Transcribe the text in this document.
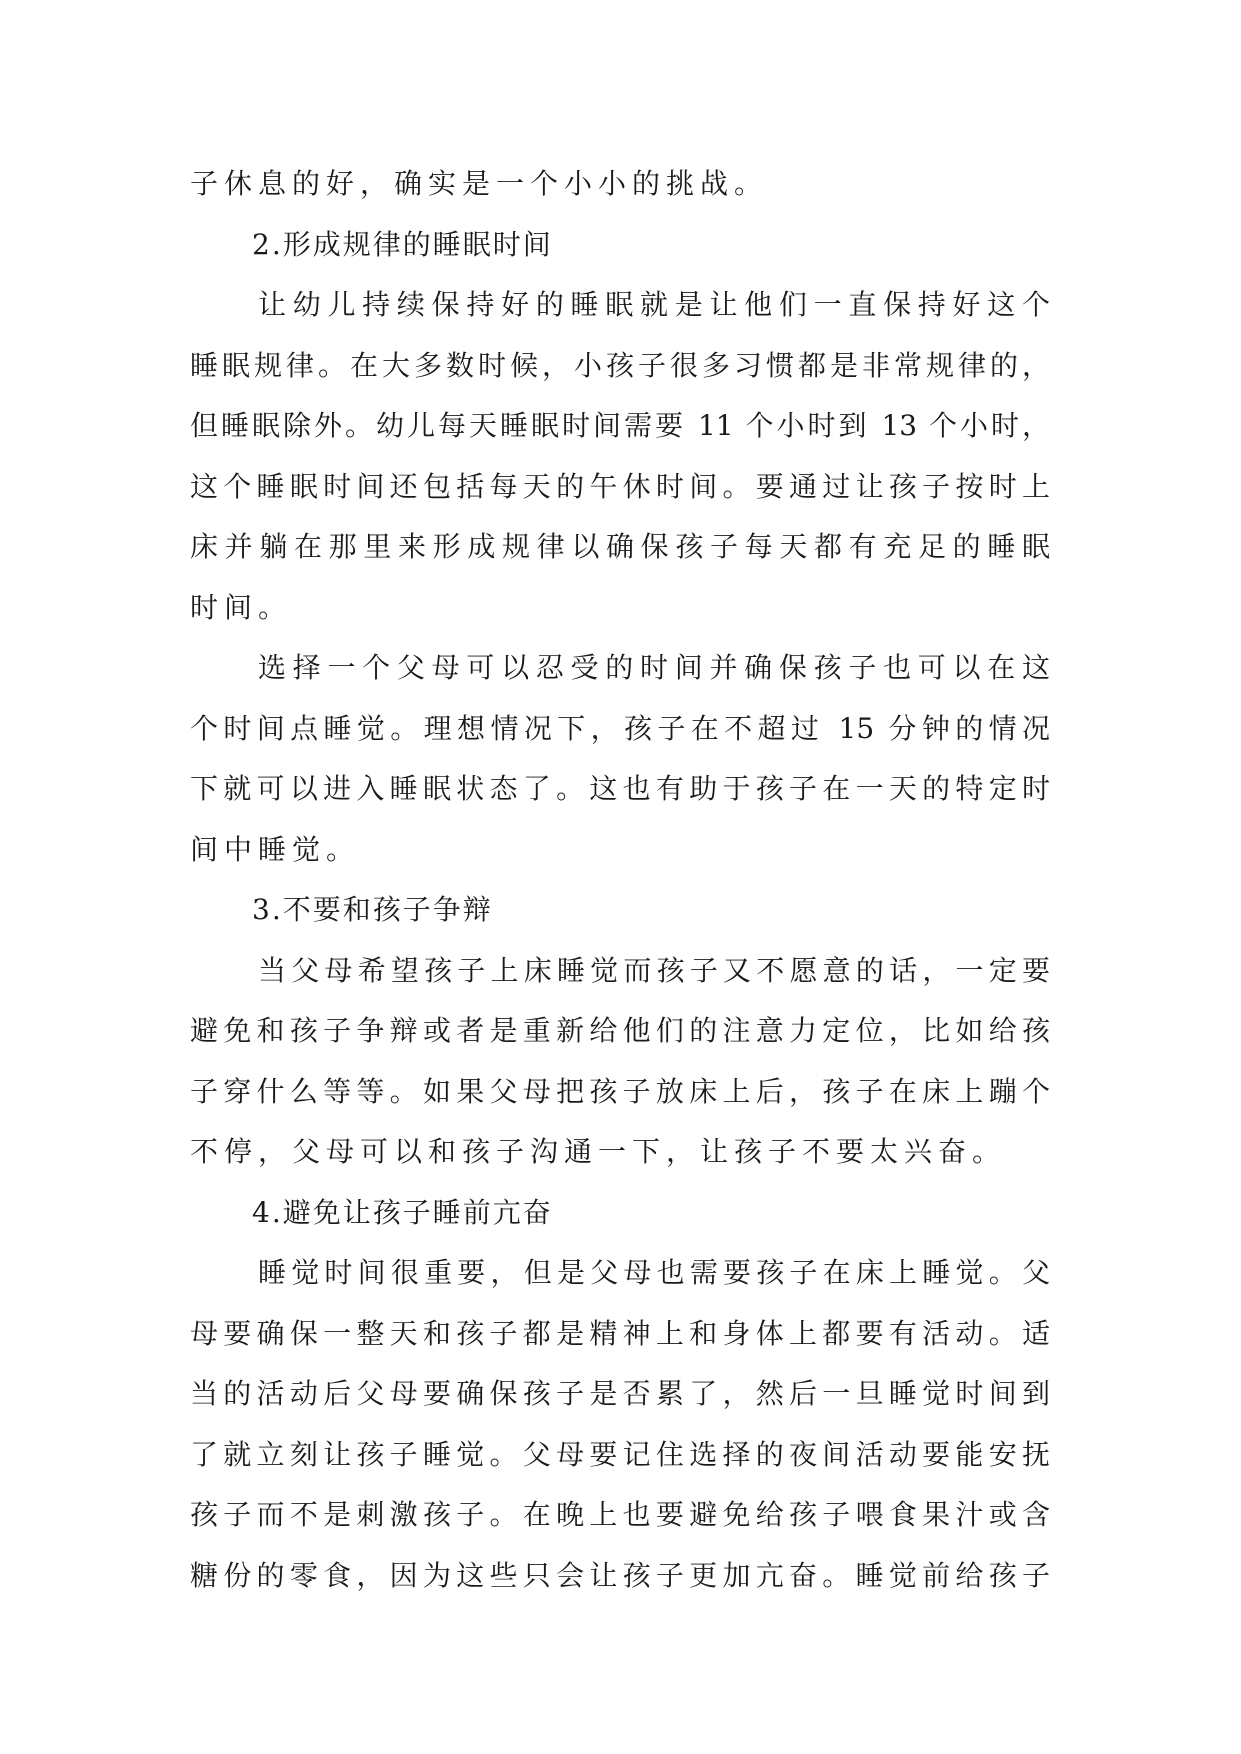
子休息的好，确实是一个小小的挑战。
2.形成规律的睡眠时间
让幼儿持续保持好的睡眠就是让他们一直保持好这个
睡眠规律。在大多数时候，小孩子很多习惯都是非常规律的，
但睡眠除外。幼儿每天睡眠时间需要 11 个小时到 13 个小时，
这个睡眠时间还包括每天的午休时间。要通过让孩子按时上
床并躺在那里来形成规律以确保孩子每天都有充足的睡眠
时间。
选择一个父母可以忍受的时间并确保孩子也可以在这
个时间点睡觉。理想情况下，孩子在不超过 15 分钟的情况
下就可以进入睡眠状态了。这也有助于孩子在一天的特定时
间中睡觉。
3.不要和孩子争辩
当父母希望孩子上床睡觉而孩子又不愿意的话，一定要
避免和孩子争辩或者是重新给他们的注意力定位，比如给孩
子穿什么等等。如果父母把孩子放床上后，孩子在床上蹦个
不停，父母可以和孩子沟通一下，让孩子不要太兴奋。
4.避免让孩子睡前亢奋
睡觉时间很重要，但是父母也需要孩子在床上睡觉。父
母要确保一整天和孩子都是精神上和身体上都要有活动。适
当的活动后父母要确保孩子是否累了，然后一旦睡觉时间到
了就立刻让孩子睡觉。父母要记住选择的夜间活动要能安抚
孩子而不是刺激孩子。在晚上也要避免给孩子喂食果汁或含
糖份的零食，因为这些只会让孩子更加亢奋。睡觉前给孩子
